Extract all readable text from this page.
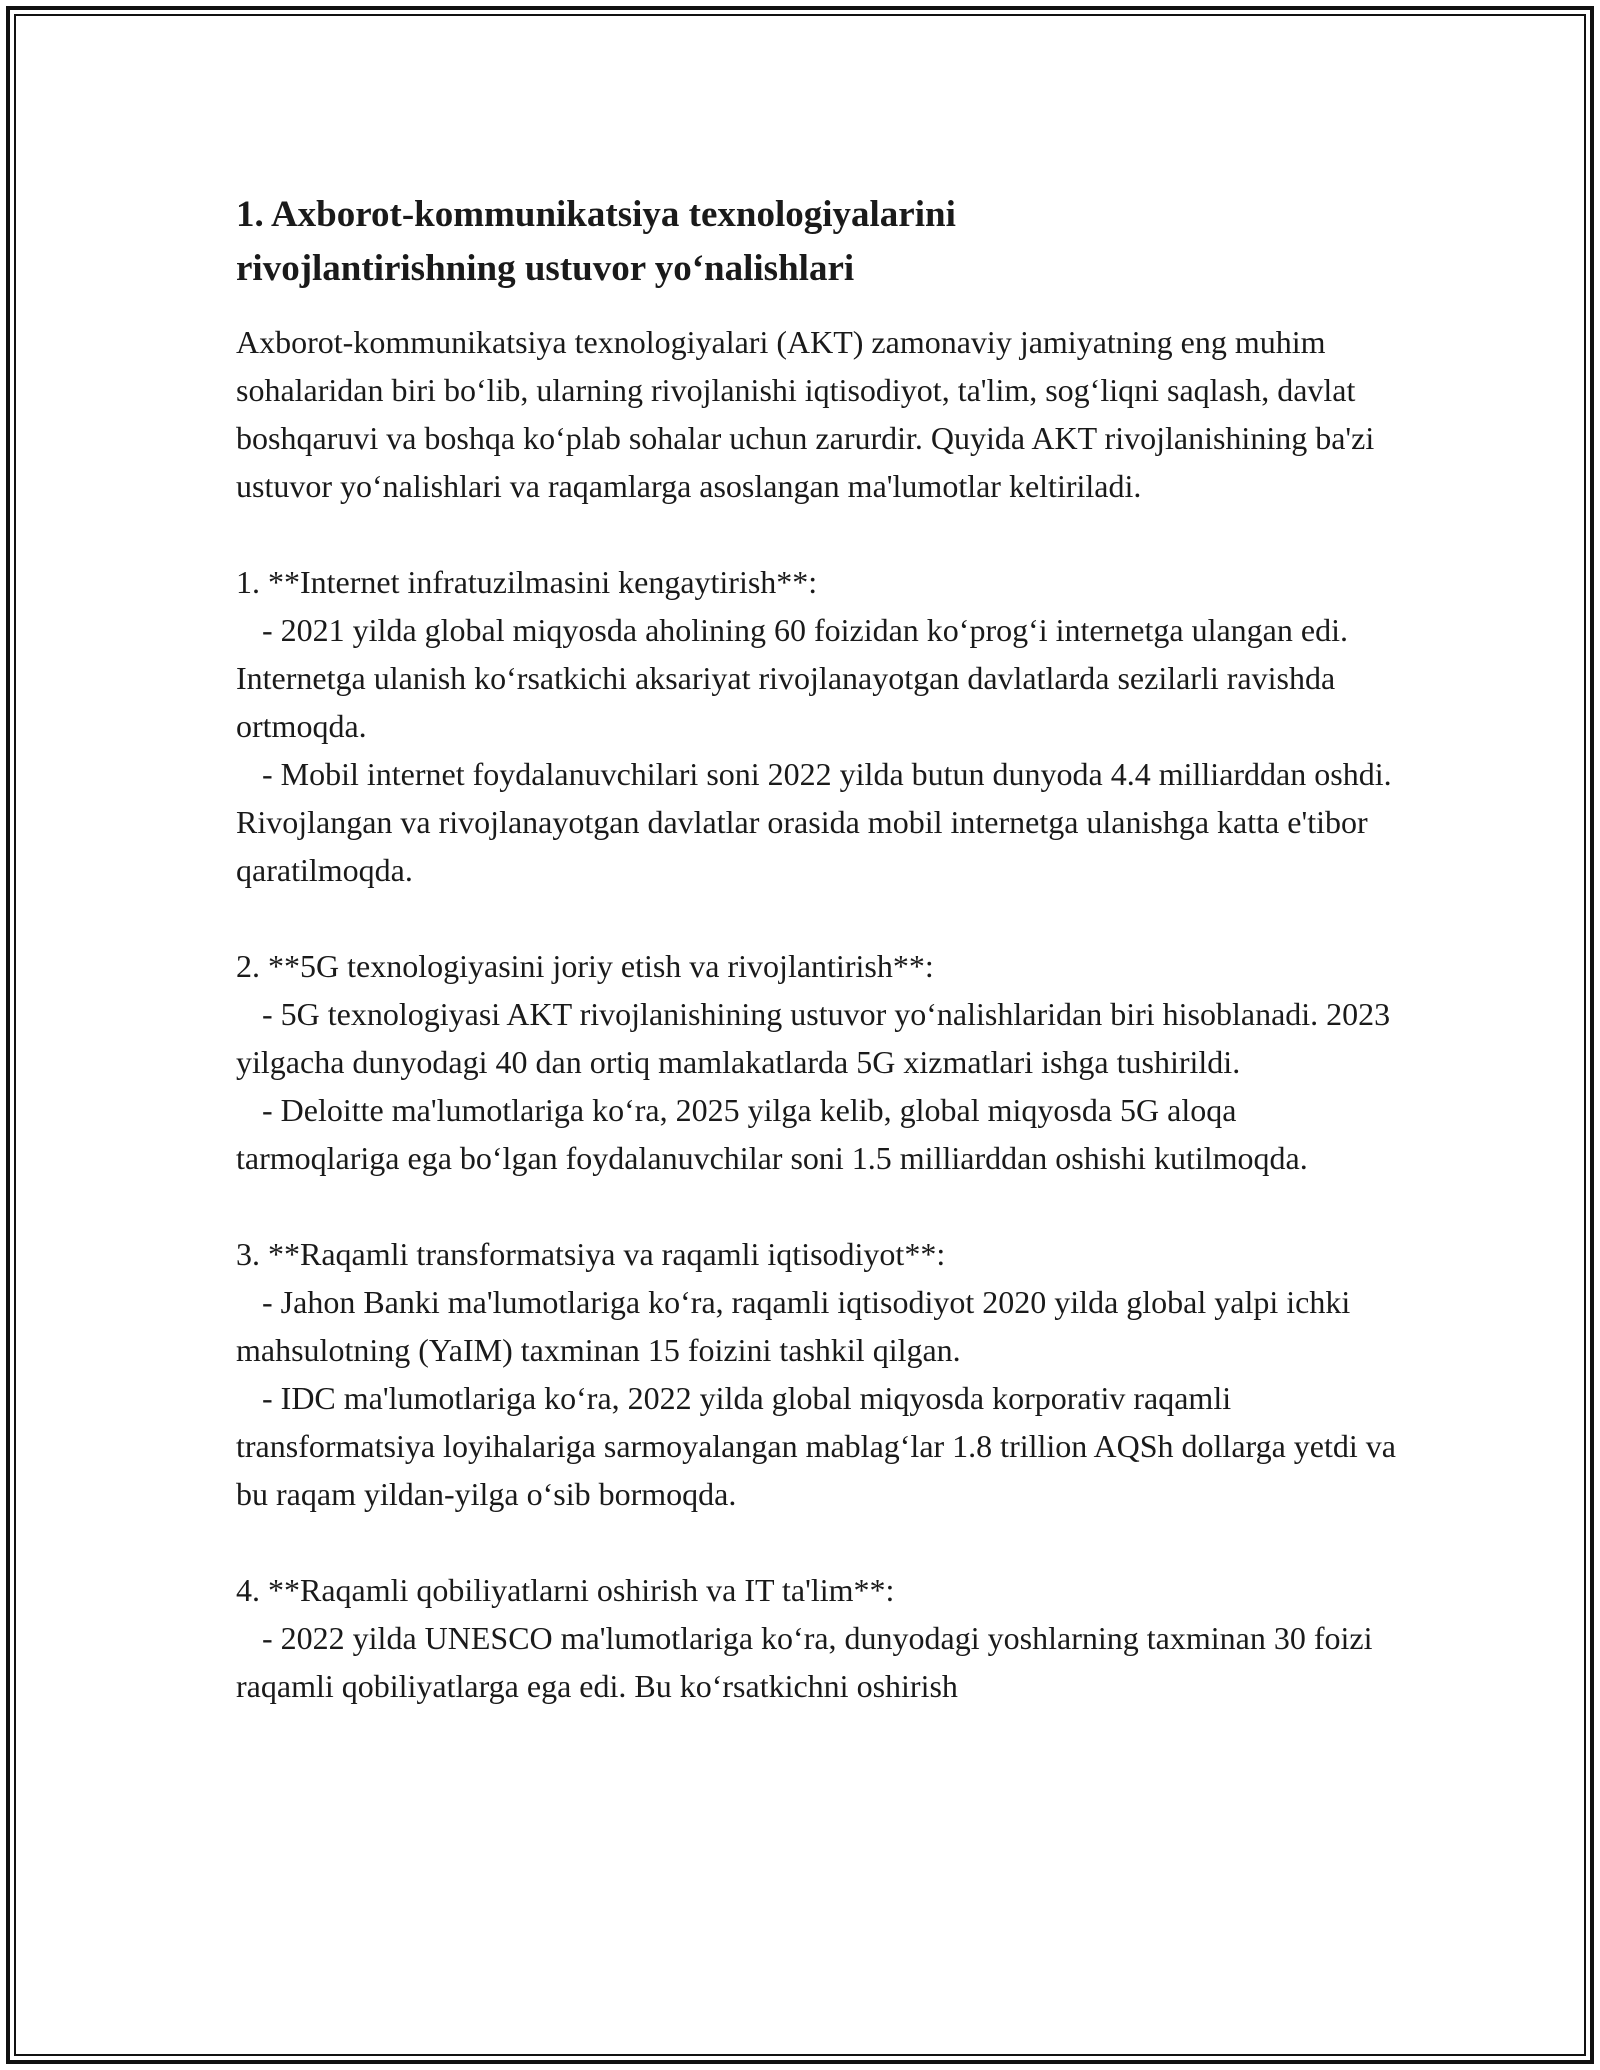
1. Axborot-kommunikatsiya texnologiyalarini
rivojlantirishning ustuvor yo‘nalishlari

Axborot-kommunikatsiya texnologiyalari (AKT) zamonaviy jamiyatning eng muhim sohalaridan biri bo‘lib, ularning rivojlanishi iqtisodiyot, ta'lim, sog‘liqni saqlash, davlat boshqaruvi va boshqa ko‘plab sohalar uchun zarurdir. Quyida AKT rivojlanishining ba'zi ustuvor yo‘nalishlari va raqamlarga asoslangan ma'lumotlar keltiriladi.

1. **Internet infratuzilmasini kengaytirish**:

- 2021 yilda global miqyosda aholining 60 foizidan ko‘prog‘i internetga ulangan edi. Internetga ulanish ko‘rsatkichi aksariyat rivojlanayotgan davlatlarda sezilarli ravishda ortmoqda.

- Mobil internet foydalanuvchilari soni 2022 yilda butun dunyoda 4.4 milliarddan oshdi. Rivojlangan va rivojlanayotgan davlatlar orasida mobil internetga ulanishga katta e'tibor qaratilmoqda.

2. **5G texnologiyasini joriy etish va rivojlantirish**:

- 5G texnologiyasi AKT rivojlanishining ustuvor yo‘nalishlaridan biri hisoblanadi. 2023 yilgacha dunyodagi 40 dan ortiq mamlakatlarda 5G xizmatlari ishga tushirildi.

- Deloitte ma'lumotlariga ko‘ra, 2025 yilga kelib, global miqyosda 5G aloqa tarmoqlariga ega bo‘lgan foydalanuvchilar soni 1.5 milliarddan oshishi kutilmoqda.

3. **Raqamli transformatsiya va raqamli iqtisodiyot**:

- Jahon Banki ma'lumotlariga ko‘ra, raqamli iqtisodiyot 2020 yilda global yalpi ichki mahsulotning (YaIM) taxminan 15 foizini tashkil qilgan.

- IDC ma'lumotlariga ko‘ra, 2022 yilda global miqyosda korporativ raqamli transformatsiya loyihalariga sarmoyalangan mablag‘lar 1.8 trillion AQSh dollarga yetdi va bu raqam yildan-yilga o‘sib bormoqda.

4. **Raqamli qobiliyatlarni oshirish va IT ta'lim**:

- 2022 yilda UNESCO ma'lumotlariga ko‘ra, dunyodagi yoshlarning taxminan 30 foizi raqamli qobiliyatlarga ega edi. Bu ko‘rsatkichni oshirish
